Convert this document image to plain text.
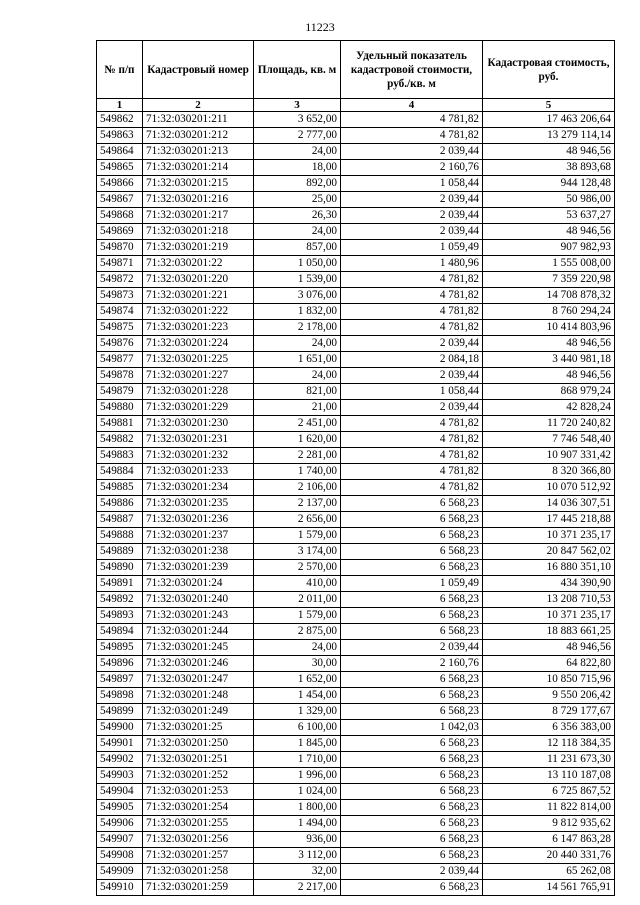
11223
№ п/п	Кадастровый номер	Площадь, кв. м	Удельный показатель кадастровой стоимости, руб./кв. м	Кадастровая стоимость, руб.
1	2	3	4	5
549862	71:32:030201:211	3 652,00	4 781,82	17 463 206,64
549863	71:32:030201:212	2 777,00	4 781,82	13 279 114,14
549864	71:32:030201:213	24,00	2 039,44	48 946,56
549865	71:32:030201:214	18,00	2 160,76	38 893,68
549866	71:32:030201:215	892,00	1 058,44	944 128,48
549867	71:32:030201:216	25,00	2 039,44	50 986,00
549868	71:32:030201:217	26,30	2 039,44	53 637,27
549869	71:32:030201:218	24,00	2 039,44	48 946,56
549870	71:32:030201:219	857,00	1 059,49	907 982,93
549871	71:32:030201:22	1 050,00	1 480,96	1 555 008,00
549872	71:32:030201:220	1 539,00	4 781,82	7 359 220,98
549873	71:32:030201:221	3 076,00	4 781,82	14 708 878,32
549874	71:32:030201:222	1 832,00	4 781,82	8 760 294,24
549875	71:32:030201:223	2 178,00	4 781,82	10 414 803,96
549876	71:32:030201:224	24,00	2 039,44	48 946,56
549877	71:32:030201:225	1 651,00	2 084,18	3 440 981,18
549878	71:32:030201:227	24,00	2 039,44	48 946,56
549879	71:32:030201:228	821,00	1 058,44	868 979,24
549880	71:32:030201:229	21,00	2 039,44	42 828,24
549881	71:32:030201:230	2 451,00	4 781,82	11 720 240,82
549882	71:32:030201:231	1 620,00	4 781,82	7 746 548,40
549883	71:32:030201:232	2 281,00	4 781,82	10 907 331,42
549884	71:32:030201:233	1 740,00	4 781,82	8 320 366,80
549885	71:32:030201:234	2 106,00	4 781,82	10 070 512,92
549886	71:32:030201:235	2 137,00	6 568,23	14 036 307,51
549887	71:32:030201:236	2 656,00	6 568,23	17 445 218,88
549888	71:32:030201:237	1 579,00	6 568,23	10 371 235,17
549889	71:32:030201:238	3 174,00	6 568,23	20 847 562,02
549890	71:32:030201:239	2 570,00	6 568,23	16 880 351,10
549891	71:32:030201:24	410,00	1 059,49	434 390,90
549892	71:32:030201:240	2 011,00	6 568,23	13 208 710,53
549893	71:32:030201:243	1 579,00	6 568,23	10 371 235,17
549894	71:32:030201:244	2 875,00	6 568,23	18 883 661,25
549895	71:32:030201:245	24,00	2 039,44	48 946,56
549896	71:32:030201:246	30,00	2 160,76	64 822,80
549897	71:32:030201:247	1 652,00	6 568,23	10 850 715,96
549898	71:32:030201:248	1 454,00	6 568,23	9 550 206,42
549899	71:32:030201:249	1 329,00	6 568,23	8 729 177,67
549900	71:32:030201:25	6 100,00	1 042,03	6 356 383,00
549901	71:32:030201:250	1 845,00	6 568,23	12 118 384,35
549902	71:32:030201:251	1 710,00	6 568,23	11 231 673,30
549903	71:32:030201:252	1 996,00	6 568,23	13 110 187,08
549904	71:32:030201:253	1 024,00	6 568,23	6 725 867,52
549905	71:32:030201:254	1 800,00	6 568,23	11 822 814,00
549906	71:32:030201:255	1 494,00	6 568,23	9 812 935,62
549907	71:32:030201:256	936,00	6 568,23	6 147 863,28
549908	71:32:030201:257	3 112,00	6 568,23	20 440 331,76
549909	71:32:030201:258	32,00	2 039,44	65 262,08
549910	71:32:030201:259	2 217,00	6 568,23	14 561 765,91
